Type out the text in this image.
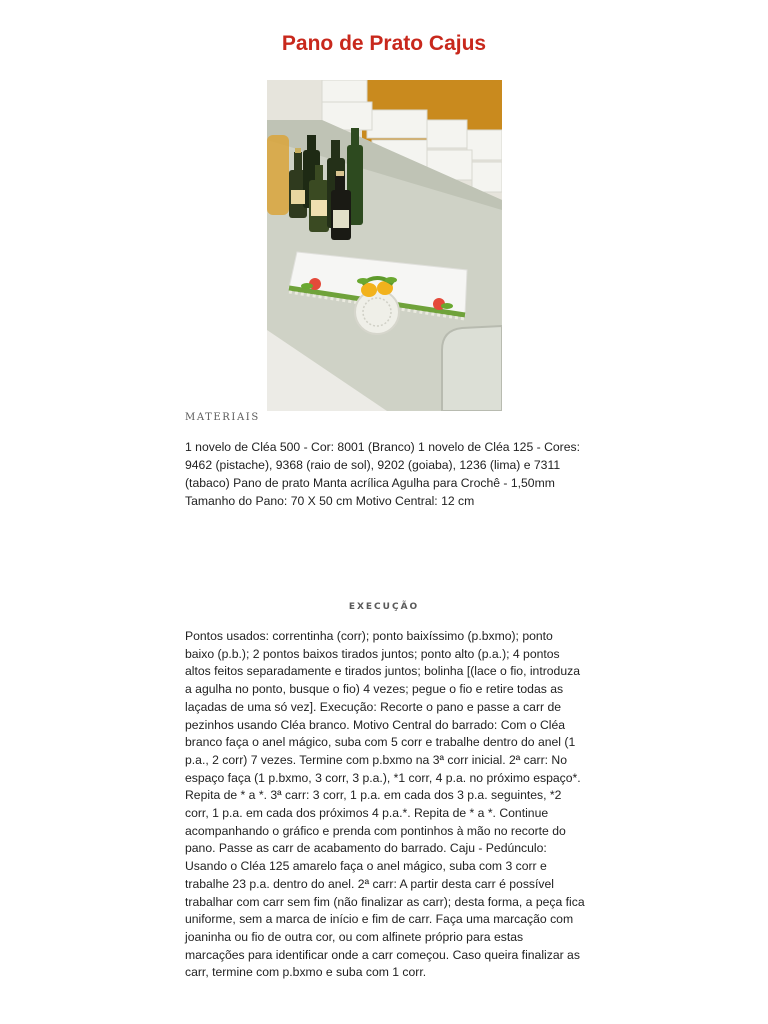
Pano de Prato Cajus
MATERIAIS

1 novelo de Cléa 500 - Cor: 8001 (Branco) 1 novelo de Cléa 125 - Cores: 9462 (pistache), 9368 (raio de sol), 9202 (goiaba), 1236 (lima) e 7311 (tabaco) Pano de prato Manta acrílica Agulha para Crochê - 1,50mm Tamanho do Pano: 70 X 50 cm Motivo Central: 12 cm

EXECUÇÃO

Pontos usados: correntinha (corr); ponto baixíssimo (p.bxmo); ponto baixo (p.b.); 2 pontos baixos tirados juntos; ponto alto (p.a.); 4 pontos altos feitos separadamente e tirados juntos; bolinha [(lace o fio, introduza a agulha no ponto, busque o fio) 4 vezes; pegue o fio e retire todas as laçadas de uma só vez]. Execução: Recorte o pano e passe a carr de pezinhos usando Cléa branco. Motivo Central do barrado: Com o Cléa branco faça o anel mágico, suba com 5 corr e trabalhe dentro do anel (1 p.a., 2 corr) 7 vezes. Termine com p.bxmo na 3ª corr inicial. 2ª carr: No espaço faça (1 p.bxmo, 3 corr, 3 p.a.), *1 corr, 4 p.a. no próximo espaço*. Repita de * a *. 3ª carr: 3 corr, 1 p.a. em cada dos 3 p.a. seguintes, *2 corr, 1 p.a. em cada dos próximos 4 p.a.*. Repita de * a *. Continue acompanhando o gráfico e prenda com pontinhos à mão no recorte do pano. Passe as carr de acabamento do barrado. Caju - Pedúnculo: Usando o Cléa 125 amarelo faça o anel mágico, suba com 3 corr e trabalhe 23 p.a. dentro do anel. 2ª carr: A partir desta carr é possível trabalhar com carr sem fim (não finalizar as carr); desta forma, a peça fica uniforme, sem a marca de início e fim de carr. Faça uma marcação com joaninha ou fio de outra cor, ou com alfinete próprio para estas marcações para identificar onde a carr começou. Caso queira finalizar as carr, termine com p.bxmo e suba com 1 corr.
